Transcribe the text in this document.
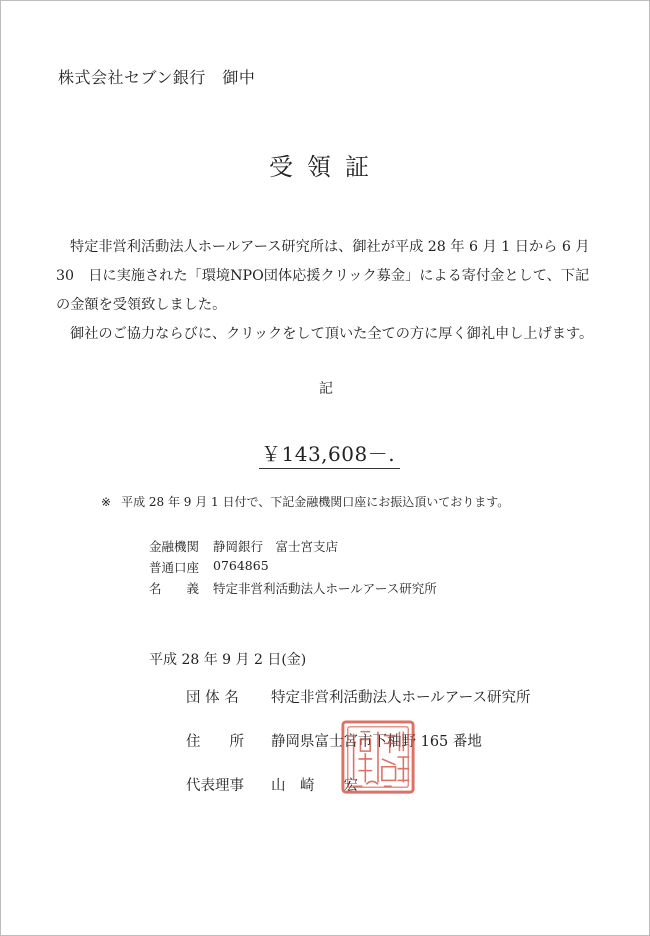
株式会社セブン銀行　御中
受領証

特定非営利活動法人ホールアース研究所は、御社が平成 28 年 6 月 1 日から 6 月　30　日に実施された「環境NPO団体応援クリック募金」による寄付金として、下記の金額を受領致しました。

御社のご協力ならびに、クリックをして頂いた全ての方に厚く御礼申し上げます。

記
￥143,608－.
※ 平成 28 年 9 月 1 日付で、下記金融機関口座にお振込頂いております。
金融機関	静岡銀行　富士宮支店
普通口座	0764865
名　　義	特定非営利活動法人ホールアース研究所
平成 28 年 9 月 2 日(金)
団 体 名	特定非営利活動法人ホールアース研究所
住　　所	静岡県富士宮市下柚野 165 番地
代表理事	山　崎　　宏
